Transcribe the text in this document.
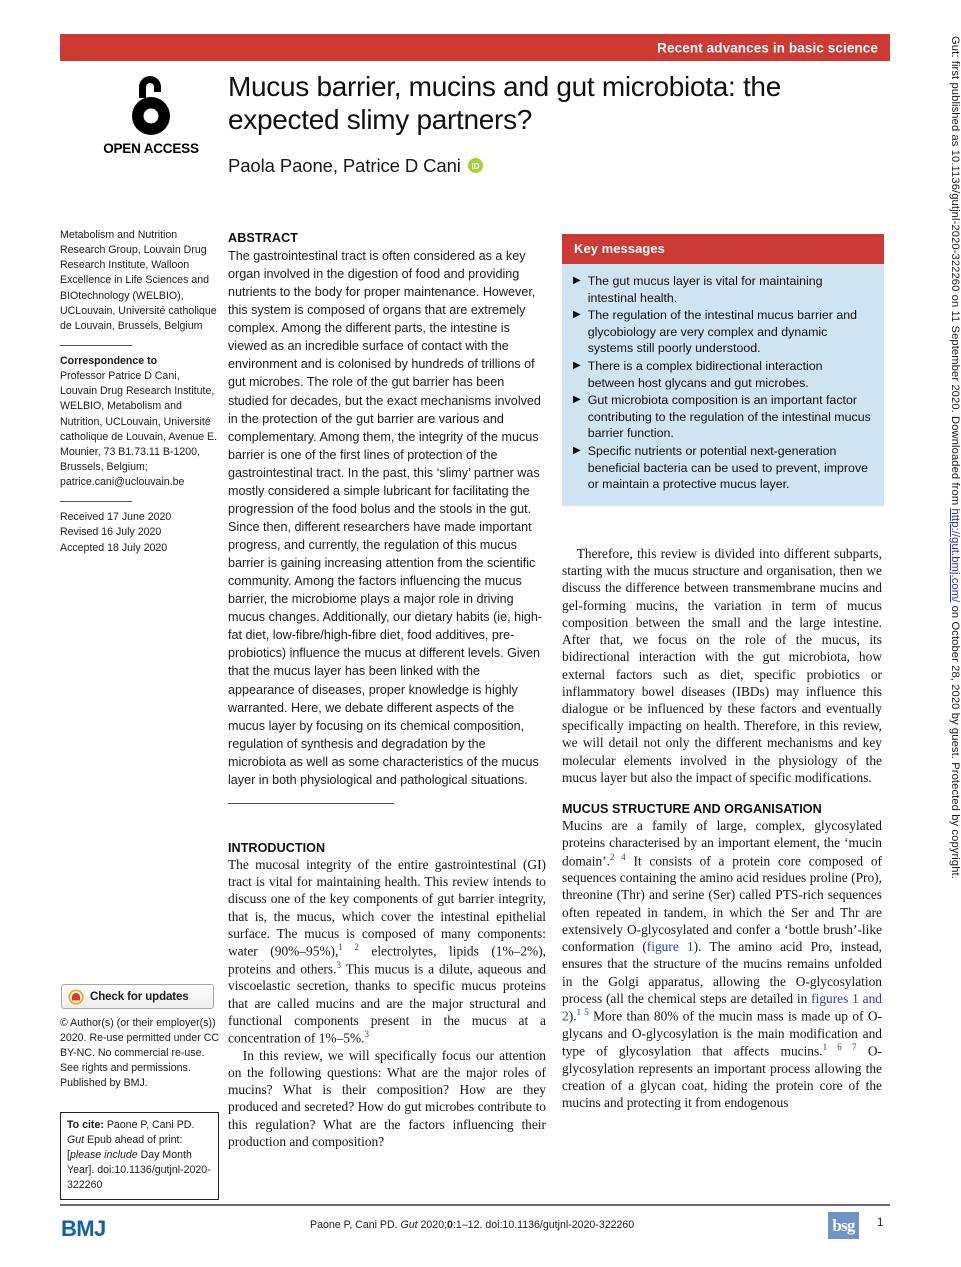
Recent advances in basic science
OPEN ACCESS
Mucus barrier, mucins and gut microbiota: the expected slimy partners?
Paola Paone, Patrice D Cani iD

Metabolism and Nutrition Research Group, Louvain Drug Research Institute, Walloon Excellence in Life Sciences and BIOtechnology (WELBIO), UCLouvain, Université catholique de Louvain, Brussels, Belgium

Correspondence to

Professor Patrice D Cani, Louvain Drug Research Institute, WELBIO, Metabolism and Nutrition, UCLouvain, Université catholique de Louvain, Avenue E. Mounier, 73 B1.73.11 B-1200, Brussels, Belgium; patrice.cani@uclouvain.be

Received 17 June 2020

Revised 16 July 2020

Accepted 18 July 2020

Check for updates
© Author(s) (or their employer(s)) 2020. Re-use permitted under CC BY-NC. No commercial re-use. See rights and permissions. Published by BMJ.
To cite: Paone P, Cani PD. Gut Epub ahead of print: [please include Day Month Year]. doi:10.1136/gutjnl-2020-322260
ABSTRACT
The gastrointestinal tract is often considered as a key organ involved in the digestion of food and providing nutrients to the body for proper maintenance. However, this system is composed of organs that are extremely complex. Among the different parts, the intestine is viewed as an incredible surface of contact with the environment and is colonised by hundreds of trillions of gut microbes. The role of the gut barrier has been studied for decades, but the exact mechanisms involved in the protection of the gut barrier are various and complementary. Among them, the integrity of the mucus barrier is one of the first lines of protection of the gastrointestinal tract. In the past, this ‘slimy’ partner was mostly considered a simple lubricant for facilitating the progression of the food bolus and the stools in the gut. Since then, different researchers have made important progress, and currently, the regulation of this mucus barrier is gaining increasing attention from the scientific community. Among the factors influencing the mucus barrier, the microbiome plays a major role in driving mucus changes. Additionally, our dietary habits (ie, high-fat diet, low-fibre/high-fibre diet, food additives, pre- probiotics) influence the mucus at different levels. Given that the mucus layer has been linked with the appearance of diseases, proper knowledge is highly warranted. Here, we debate different aspects of the mucus layer by focusing on its chemical composition, regulation of synthesis and degradation by the microbiota as well as some characteristics of the mucus layer in both physiological and pathological situations.
INTRODUCTION

The mucosal integrity of the entire gastrointestinal (GI) tract is vital for maintaining health. This review intends to discuss one of the key components of gut barrier integrity, that is, the mucus, which cover the intestinal epithelial surface. The mucus is composed of many components: water (90%–95%),$^{1 2}$ electrolytes, lipids (1%–2%), proteins and others.$^3$ This mucus is a dilute, aqueous and viscoelastic secretion, thanks to specific mucus proteins that are called mucins and are the major structural and functional components present in the mucus at a concentration of 1%–5%.$^3$

In this review, we will specifically focus our attention on the following questions: What are the major roles of mucins? What is their composition? How are they produced and secreted? How do gut microbes contribute to this regulation? What are the factors influencing their production and composition?

Key messages
▶ The gut mucus layer is vital for maintaining intestinal health.
▶ The regulation of the intestinal mucus barrier and glycobiology are very complex and dynamic systems still poorly understood.
▶ There is a complex bidirectional interaction between host glycans and gut microbes.
▶ Gut microbiota composition is an important factor contributing to the regulation of the intestinal mucus barrier function.
▶ Specific nutrients or potential next-generation beneficial bacteria can be used to prevent, improve or maintain a protective mucus layer.

Therefore, this review is divided into different subparts, starting with the mucus structure and organisation, then we discuss the difference between transmembrane mucins and gel-forming mucins, the variation in term of mucus composition between the small and the large intestine. After that, we focus on the role of the mucus, its bidirectional interaction with the gut microbiota, how external factors such as diet, specific probiotics or inflammatory bowel diseases (IBDs) may influence this dialogue or be influenced by these factors and eventually specifically impacting on health. Therefore, in this review, we will detail not only the different mechanisms and key molecular elements involved in the physiology of the mucus layer but also the impact of specific modifications.

MUCUS STRUCTURE AND ORGANISATION

Mucins are a family of large, complex, glycosylated proteins characterised by an important element, the ‘mucin domain’.$^{2 4}$ It consists of a protein core composed of sequences containing the amino acid residues proline (Pro), threonine (Thr) and serine (Ser) called PTS-rich sequences often repeated in tandem, in which the Ser and Thr are extensively O-glycosylated and confer a ‘bottle brush’-like conformation (figure 1). The amino acid Pro, instead, ensures that the structure of the mucins remains unfolded in the Golgi apparatus, allowing the O-glycosylation process (all the chemical steps are detailed in figures 1 and 2).$^{1 5}$ More than 80% of the mucin mass is made up of O-glycans and O-glycosylation is the main modification and type of glycosylation that affects mucins.$^{1 6 7}$ O-glycosylation represents an important process allowing the creation of a glycan coat, hiding the protein core of the mucins and protecting it from endogenous

BMJ	Paone P, Cani PD. Gut 2020;0:1–12. doi:10.1136/gutjnl-2020-322260	bsg	1
Gut: first published as 10.1136/gutjnl-2020-322260 on 11 September 2020. Downloaded from http://gut.bmj.com/ on October 28, 2020 by guest. Protected by copyright.
